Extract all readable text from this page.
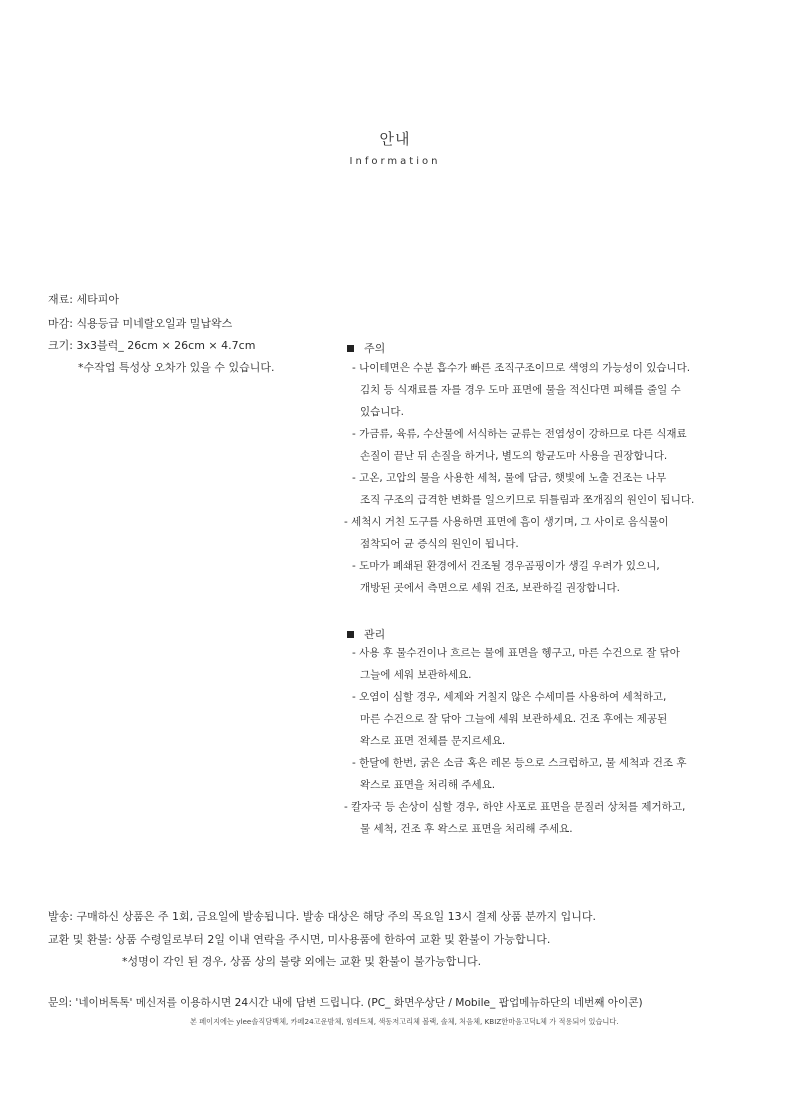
안내
Information
재료: 세타피아
마감: 식용등급 미네랄오일과 밀납왁스
크기: 3x3블럭_ 26cm × 26cm × 4.7cm
*수작업 특성상 오차가 있을 수 있습니다.
주의
- 나이테면은 수분 흡수가 빠른 조직구조이므로 색영의 가능성이 있습니다.
김치 등 식재료를 자를 경우 도마 표면에 물을 적신다면 피해를 줄일 수
있습니다.
- 가금류, 육류, 수산물에 서식하는 균류는 전염성이 강하므로 다른 식재료
손질이 끝난 뒤 손질을 하거나, 별도의 항균도마 사용을 권장합니다.
- 고온, 고압의 물을 사용한 세척, 물에 담금, 햇빛에 노출 건조는 나무
조직 구조의 급격한 변화를 일으키므로 뒤틀림과 쪼개짐의 원인이 됩니다.
- 세척시 거친 도구를 사용하면 표면에 흠이 생기며, 그 사이로 음식물이
점착되어 균 증식의 원인이 됩니다.
- 도마가 폐쇄된 환경에서 건조될 경우곰핑이가 생길 우려가 있으니,
개방된 곳에서 측면으로 세워 건조, 보관하길 권장합니다.
관리
- 사용 후 물수건이나 흐르는 물에 표면을 헹구고, 마른 수건으로 잘 닦아
그늘에 세워 보관하세요.
- 오염이 심할 경우, 세제와 거칠지 않은 수세미를 사용하여 세척하고,
마른 수건으로 잘 닦아 그늘에 세워 보관하세요. 건조 후에는 제공된
왁스로 표면 전체를 문지르세요.
- 한달에 한번, 굵은 소금 혹은 레몬 등으로 스크럽하고, 물 세척과 건조 후
왁스로 표면을 처리해 주세요.
- 칼자국 등 손상이 심할 경우, 하얀 사포로 표면을 문질러 상처를 제거하고,
물 세척, 건조 후 왁스로 표면을 처리해 주세요.
발송: 구매하신 상품은 주 1회, 금요일에 발송됩니다. 발송 대상은 해당 주의 목요일 13시 결제 상품 분까지 입니다.
교환 및 환불: 상품 수령일로부터 2일 이내 연락을 주시면, 미사용품에 한하여 교환 및 환불이 가능합니다.
*성명이 각인 된 경우, 상품 상의 불량 외에는 교환 및 환불이 불가능합니다.
문의: '네이버톡톡' 메신저를 이용하시면 24시간 내에 답변 드립니다. (PC_ 화면우상단 / Mobile_ 팝업메뉴하단의 네번째 아이콘)
본 페이지에는 ylee솔직담백체, 카페24고운밤체, 힘레트체, 색동저고리체 볼랙, 솔체, 처음체, KBIZ한마음고딕L체 가 적용되어 있습니다.
